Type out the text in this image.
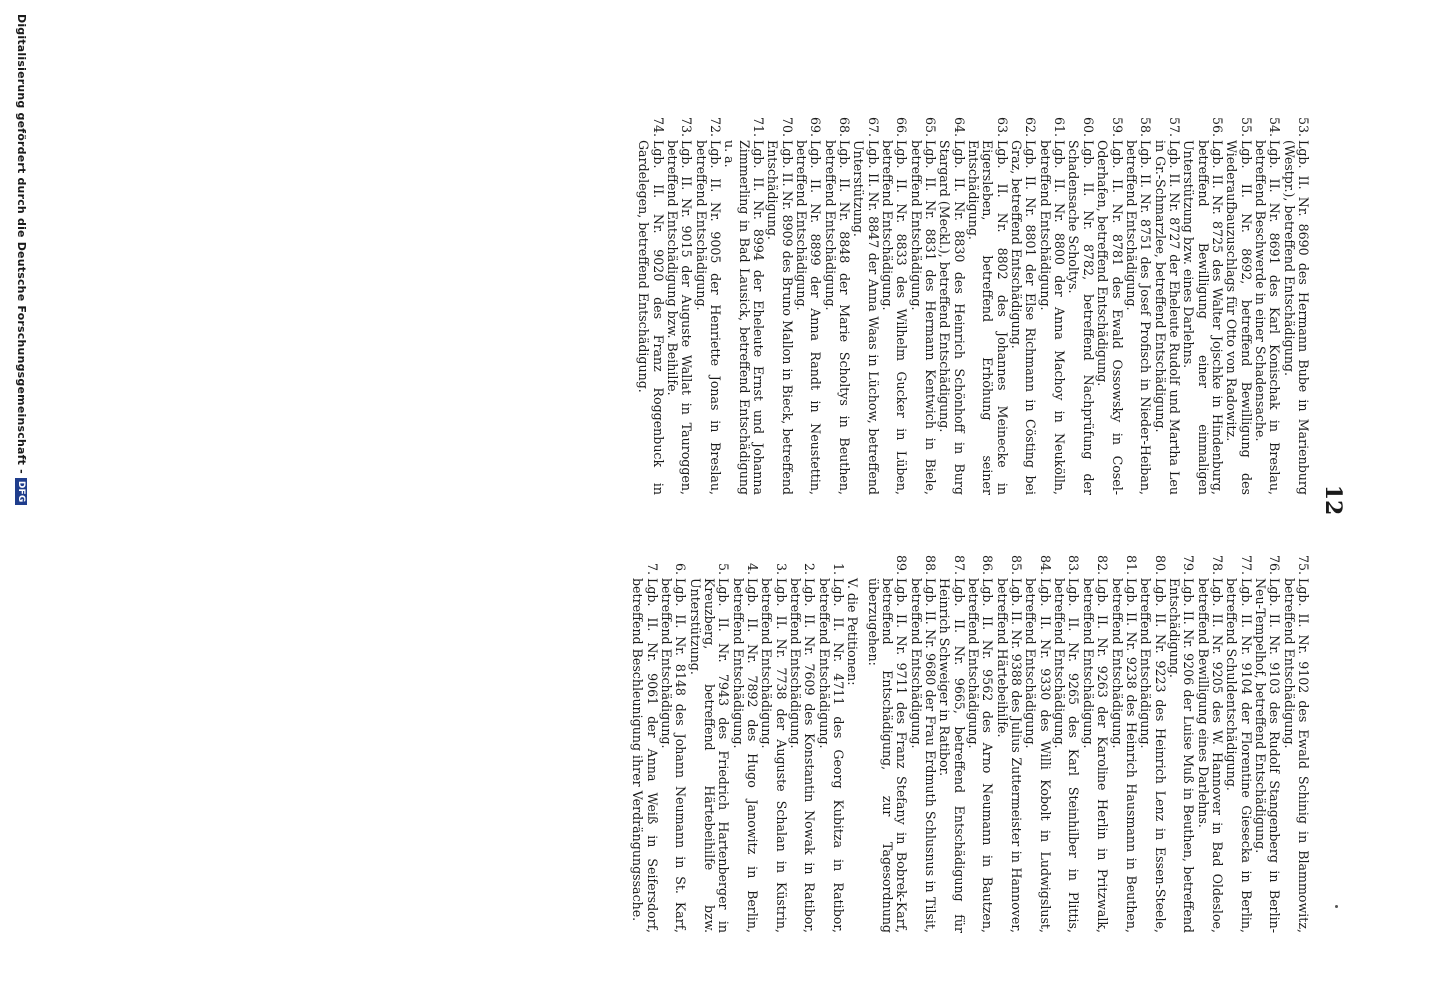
12

53.
Lgb. II. Nr. 8690 des Hermann Bube in Marienburg (Westpr.), betreffend Entschädigung.

54.
Lgb. II. Nr. 8691 des Karl Konischak in Breslau, betreffend Beschwerde in einer Schadensache.

55.
Lgb. II. Nr. 8692, betreffend Bewilligung des Wiederaufbauzuschlags für Otto von Radowitz.

56.
Lgb. II. Nr. 8725 des Walter Jojschke in Hindenburg, betreffend Bewilligung einer einmaligen Unterstützung bzw. eines Darlehns.

57.
Lgb. II. Nr. 8727 der Eheleute Rudolf und Martha Leu in Gr.-Schmarzlee, betreffend Entschädigung.

58.
Lgb. II. Nr. 8751 des Josef Profisch in Nieder-Heiban, betreffend Entschädigung.

59.
Lgb. II. Nr. 8781 des Ewald Ossowsky in Cosel-Oderhafen, betreffend Entschädigung.

60.
Lgb. II. Nr. 8782, betreffend Nachprüfung der Schadensache Scholtys.

61.
Lgb. II. Nr. 8800 der Anna Machoy in Neukölln, betreffend Entschädigung.

62.
Lgb. II. Nr. 8801 der Else Richmann in Cösting bei Graz, betreffend Entschädigung.

63.
Lgb. II. Nr. 8802 des Johannes Meinecke in Eigersleben, betreffend Erhöhung seiner Entschädigung.

64.
Lgb. II. Nr. 8830 des Heinrich Schönhoff in Burg Stargard (Meckl.), betreffend Entschädigung.

65.
Lgb. II. Nr. 8831 des Hermann Kentwich in Biele, betreffend Entschädigung.

66.
Lgb. II. Nr. 8833 des Wilhelm Gucker in Lüben, betreffend Entschädigung.

67.
Lgb. II. Nr. 8847 der Anna Waas in Lüchow, betreffend Unterstützung.

68.
Lgb. II. Nr. 8848 der Marie Scholtys in Beuthen, betreffend Entschädigung.

69.
Lgb. II. Nr. 8899 der Anna Randt in Neustettin, betreffend Entschädigung.

70.
Lgb. II. Nr. 8909 des Bruno Mallon in Bieck, betreffend Entschädigung.

71.
Lgb. II. Nr. 8994 der Eheleute Ernst und Johanna Zimmerling in Bad Lausick, betreffend Entschädigung u. a.

72.
Lgb. II. Nr. 9005 der Henriette Jonas in Breslau, betreffend Entschädigung.

73.
Lgb. II. Nr. 9015 der Auguste Wallat in Tauroggen, betreffend Entschädigung bzw. Beihilfe.

74.
Lgb. II. Nr. 9020 des Franz Roggenbuck in Gardelegen, betreffend Entschädigung.

75.
Lgb. II. Nr. 9102 des Ewald Schinig in Blammowitz, betreffend Entschädigung.

76.
Lgb. II. Nr. 9103 des Rudolf Stangenberg in Berlin-Neu-Tempelhof, betreffend Entschädigung.

77.
Lgb. II. Nr. 9104 der Florentine Giesecka in Berlin, betreffend Schuldentschädigung.

78.
Lgb. II. Nr. 9205 des W. Hannover in Bad Oldesloe, betreffend Bewilligung eines Darlehns.

79.
Lgb. II. Nr. 9206 der Luise Muß in Beuthen, betreffend Entschädigung.

80.
Lgb. II. Nr. 9223 des Heinrich Lenz in Essen-Steele, betreffend Entschädigung.

81.
Lgb. II. Nr. 9238 des Heinrich Hausmann in Beuthen, betreffend Entschädigung.

82.
Lgb. II. Nr. 9263 der Karoline Herlin in Pritzwalk, betreffend Entschädigung.

83.
Lgb. II. Nr. 9265 des Karl Steinhilber in Plittis, betreffend Entschädigung.

84.
Lgb. II. Nr. 9330 des Willi Kobolt in Ludwigslust, betreffend Entschädigung.

85.
Lgb. II. Nr. 9388 des Julius Zuttermeister in Hannover, betreffend Härtebeihilfe.

86.
Lgb. II. Nr. 9562 des Arno Neumann in Bautzen, betreffend Entschädigung.

87.
Lgb. II. Nr. 9665, betreffend Entschädigung für Heinrich Schweiger in Ratibor.

88.
Lgb. II. Nr. 9680 der Frau Erdmuth Schlusnus in Tilsit, betreffend Entschädigung.

89.
Lgb. II. Nr. 9711 des Franz Stefany in Bobrek-Karf, betreffend Entschädigung, zur Tagesordnung überzugehen:

V. die Petitionen:

1.
Lgb. II. Nr. 4711 des Georg Kubitza in Ratibor, betreffend Entschädigung.

2.
Lgb. II. Nr. 7609 des Konstantin Nowak in Ratibor, betreffend Entschädigung.

3.
Lgb. II. Nr. 7738 der Auguste Schalan in Küstrin, betreffend Entschädigung.

4.
Lgb. II. Nr. 7892 des Hugo Janowitz in Berlin, betreffend Entschädigung.

5.
Lgb. II. Nr. 7943 des Friedrich Hartenberger in Kreuzberg, betreffend Härtebeihilfe bzw. Unterstützung.

6.
Lgb. II. Nr. 8148 des Johann Neumann in St. Karf, betreffend Entschädigung.

7.
Lgb. II. Nr. 9061 der Anna Weiß in Seifersdorf, betreffend Beschleunigung ihrer Verdrängungssache.

Digitalisierung gefördert durch die Deutsche Forschungsgemeinschaft -DFG
